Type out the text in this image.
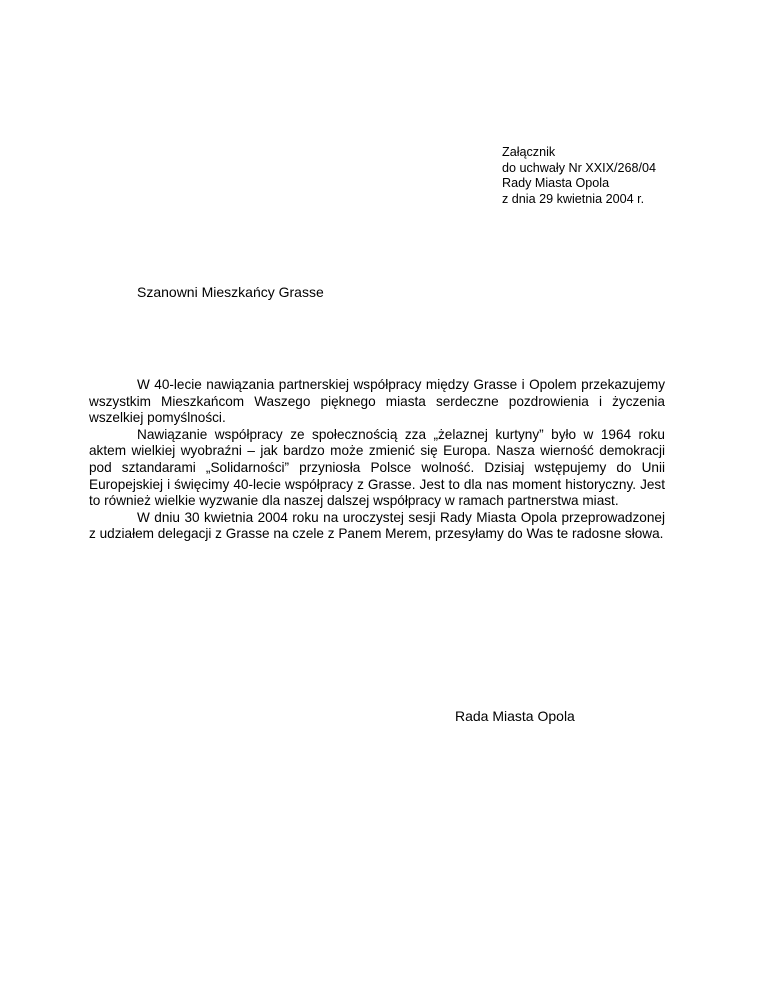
Załącznik
do uchwały Nr XXIX/268/04
Rady Miasta Opola
z dnia 29 kwietnia 2004 r.
Szanowni Mieszkańcy Grasse

W 40-lecie nawiązania partnerskiej współpracy między Grasse i Opolem przekazujemy wszystkim Mieszkańcom Waszego pięknego miasta serdeczne pozdrowienia i życzenia wszelkiej pomyślności.

Nawiązanie współpracy ze społecznością zza „żelaznej kurtyny” było w 1964 roku aktem wielkiej wyobraźni – jak bardzo może zmienić się Europa. Nasza wierność demokracji pod sztandarami „Solidarności” przyniosła Polsce wolność. Dzisiaj wstępujemy do Unii Europejskiej i święcimy 40-lecie współpracy z Grasse. Jest to dla nas moment historyczny. Jest to również wielkie wyzwanie dla naszej dalszej współpracy w ramach partnerstwa miast.

W dniu 30 kwietnia 2004 roku na uroczystej sesji Rady Miasta Opola przeprowadzonej z udziałem delegacji z Grasse na czele z Panem Merem, przesyłamy do Was te radosne słowa.

Rada Miasta Opola
